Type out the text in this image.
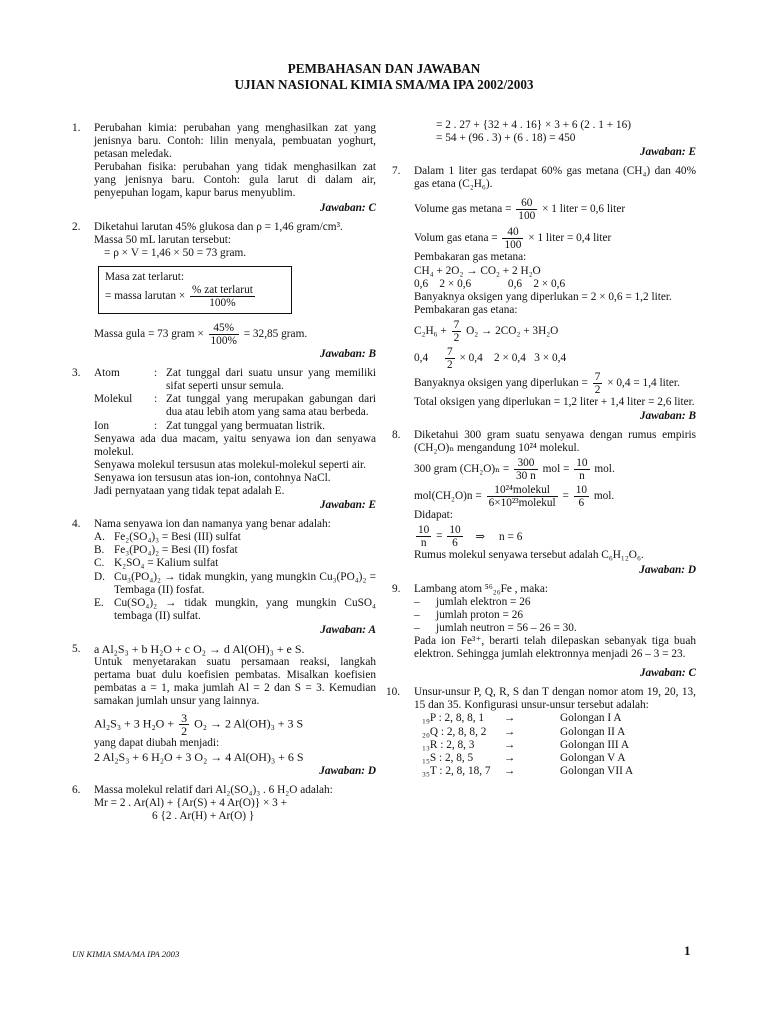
PEMBAHASAN DAN JAWABAN
UJIAN NASIONAL KIMIA SMA/MA IPA 2002/2003
1. Perubahan kimia: perubahan yang menghasilkan zat yang jenisnya baru. Contoh: lilin menyala, pembuatan yoghurt, petasan meledak.

Perubahan fisika: perubahan yang tidak menghasilkan zat yang jenisnya baru. Contoh: gula larut di dalam air, penyepuhan logam, kapur barus menyublim.

Jawaban: C

2. Diketahui larutan 45% glukosa dan ρ = 1,46 gram/cm³.

Massa 50 mL larutan tersebut:

= ρ × V = 1,46 × 50 = 73 gram.

Masa zat terlarut:

= massa larutan × $\frac{\text{\% zat terlarut}}{100\%}$

Massa gula = 73 gram × $\frac{45\%}{100\%} = 32,85$ gram.

Jawaban: B

3. Atom	: Zat tunggal dari suatu unsur yang memiliki sifat seperti unsur semula.
Molekul	: Zat tunggal yang merupakan gabungan dari dua atau lebih atom yang sama atau berbeda.
Ion	: Zat tunggal yang bermuatan listrik.

Senyawa ada dua macam, yaitu senyawa ion dan senyawa molekul.

Senyawa molekul tersusun atas molekul-molekul seperti air.

Senyawa ion tersusun atas ion-ion, contohnya NaCl.

Jadi pernyataan yang tidak tepat adalah E.

Jawaban: E

4. Nama senyawa ion dan namanya yang benar adalah:

A. Fe₂(SO₄)₃ = Besi (III) sulfat
B. Fe₃(PO₄)₂ = Besi (II) fosfat
C. K₂SO₄ = Kalium sulfat
D. Cu₃(PO₄)₂ → tidak mungkin, yang mungkin Cu₃(PO₄)₂ = Tembaga (II) fosfat.
E. Cu(SO₄)₂ → tidak mungkin, yang mungkin CuSO₄ tembaga (II) sulfat.

Jawaban: A

5. a Al₂S₃ + b H₂O + c O₂ → d Al(OH)₃ + e S.

Untuk menyetarakan suatu persamaan reaksi, langkah pertama buat dulu koefisien pembatas. Misalkan koefisien pembatas a = 1, maka jumlah Al = 2 dan S = 3. Kemudian samakan jumlah unsur yang lainnya.

Al₂S₃ + 3 $H_2O + \frac{3}{2} O_2 \to 2$ Al(OH)₃ + 3 S

yang dapat diubah menjadi:

2 Al₂S₃ + 6 H₂O + 3 O₂ → 4 Al(OH)₃ + 6 S

Jawaban: D

6. Massa molekul relatif dari Al₂(SO₄)₃ . 6 H₂O adalah:

Mr = 2 . Ar(Al) + {Ar(S) + 4 Ar(O)} × 3 +

6 {2 . Ar(H) + Ar(O) }

= 2 . 27 + {32 + 4 . 16} × 3 + 6 (2 . 1 + 16)

= 54 + (96 . 3) + (6 . 18) = 450

Jawaban: E

7. Dalam 1 liter gas terdapat 60% gas metana (CH₄) dan 40% gas etana (C₂H₆).

Volume gas $metana = \frac{60}{100} \times 1$ liter = 0,6 liter

Volum gas $etana = \frac{40}{100} \times 1$ liter = 0,4 liter

Pembakaran gas metana:

CH₄ + 2O₂ → CO₂ + 2 H₂O

0,6    2 × 0,6             0,6    2 × 0,6

Banyaknya oksigen yang diperlukan = 2 × 0,6 = 1,2 liter.

Pembakaran gas etana:

$C_2H_6 + \frac{7}{2} O_2 \to 2CO_2 + 3H_2O$

$0,4 \frac{7}{2} \times 0,4$    2 × 0,4   3 × 0,4

Banyaknya oksigen yang diperlukan = $\frac{7}{2} \times 0,4 = 1,4$ liter.

Total oksigen yang diperlukan = 1,2 liter + 1,4 liter = 2,6 liter.

Jawaban: B

8. Diketahui 300 gram suatu senyawa dengan rumus empiris (CH₂O)ₙ mengandung 10²⁴ molekul.

300 gram $(CH_2O)_n = \frac{300}{30 n}$ mol = $\frac{10}{n}$ mol.

$mol(CH_2O)n = \frac{\text{10²⁴molekul}}{\text{6×10²³molekul}} = \frac{10}{6}$ mol.

Didapat:

$\frac{10}{n} = \frac{10}{6}$ ⇒     n = 6

Rumus molekul senyawa tersebut adalah C₆H₁₂O₆.

Jawaban: D

9. Lambang atom ⁵⁶₂₆Fe , maka:

–	jumlah elektron = 26
–	jumlah proton = 26
–	jumlah neutron = 56 – 26 = 30.

Pada ion Fe³⁺, berarti telah dilepaskan sebanyak tiga buah elektron. Sehingga jumlah elektronnya menjadi 26 – 3 = 23.

Jawaban: C

10. Unsur-unsur P, Q, R, S dan T dengan nomor atom 19, 20, 13, 15 dan 35. Konfigurasi unsur-unsur tersebut adalah:

₁₉P : 2, 8, 8, 1	→	Golongan I A
₂₀Q : 2, 8, 8, 2	→	Golongan II A
₁₃R : 2, 8, 3	→	Golongan III A
₁₅S : 2, 8, 5	→	Golongan V A
₃₅T : 2, 8, 18, 7	→	Golongan VII A
UN KIMIA SMA/MA IPA 2003	1
